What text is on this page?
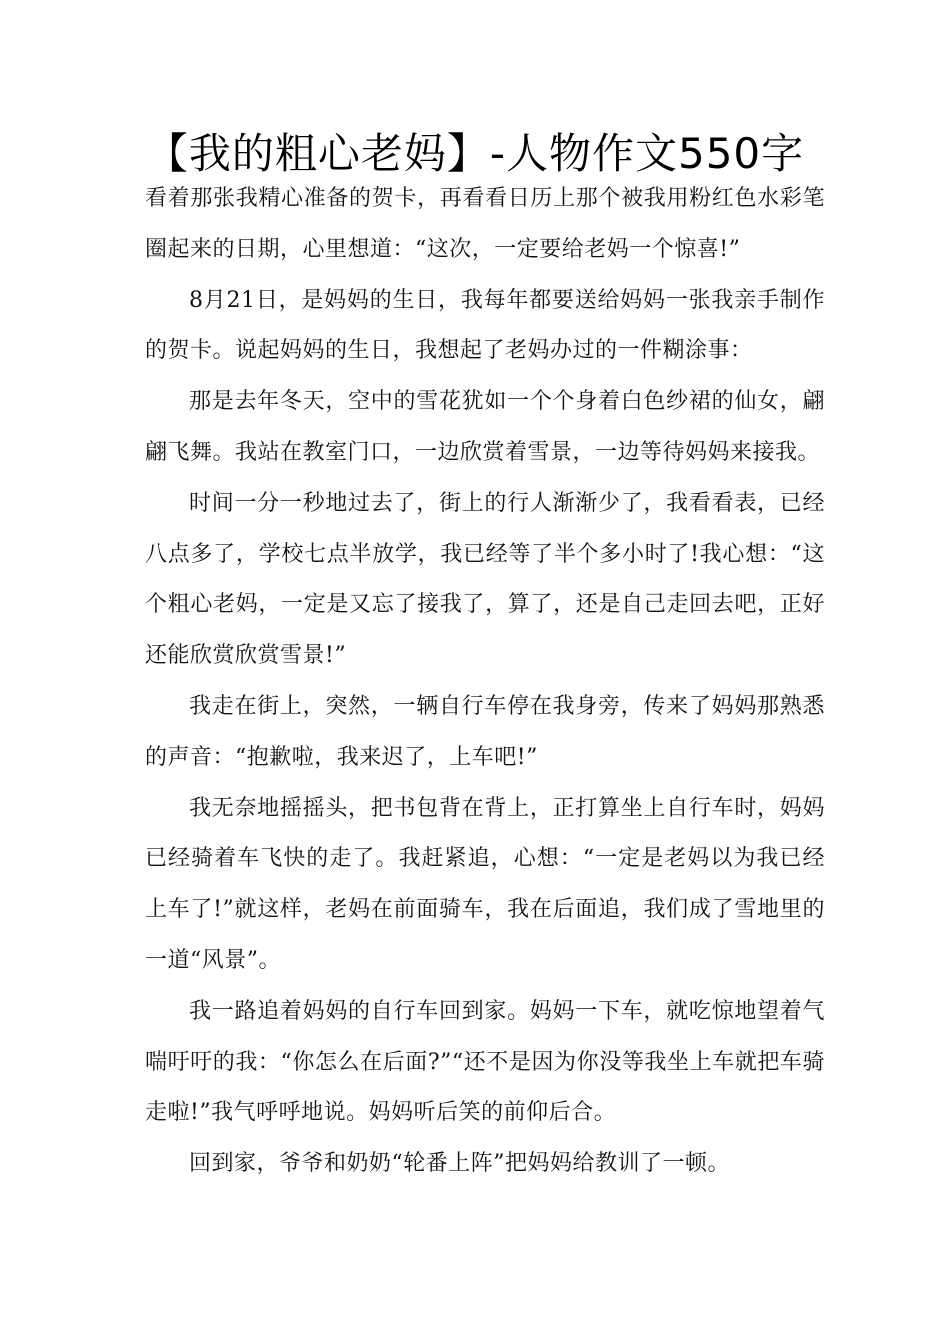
【我的粗心老妈】-人物作文550字

看着那张我精心准备的贺卡，再看看日历上那个被我用粉红色水彩笔圈起来的日期，心里想道：“这次，一定要给老妈一个惊喜!”

8月21日，是妈妈的生日，我每年都要送给妈妈一张我亲手制作的贺卡。说起妈妈的生日，我想起了老妈办过的一件糊涂事：

那是去年冬天，空中的雪花犹如一个个身着白色纱裙的仙女，翩翩飞舞。我站在教室门口，一边欣赏着雪景，一边等待妈妈来接我。

时间一分一秒地过去了，街上的行人渐渐少了，我看看表，已经八点多了，学校七点半放学，我已经等了半个多小时了!我心想：“这个粗心老妈，一定是又忘了接我了，算了，还是自己走回去吧，正好还能欣赏欣赏雪景!”

我走在街上，突然，一辆自行车停在我身旁，传来了妈妈那熟悉的声音：“抱歉啦，我来迟了，上车吧!”

我无奈地摇摇头，把书包背在背上，正打算坐上自行车时，妈妈已经骑着车飞快的走了。我赶紧追，心想：“一定是老妈以为我已经上车了!”就这样，老妈在前面骑车，我在后面追，我们成了雪地里的一道“风景”。

我一路追着妈妈的自行车回到家。妈妈一下车，就吃惊地望着气喘吁吁的我：“你怎么在后面?”“还不是因为你没等我坐上车就把车骑走啦!”我气呼呼地说。妈妈听后笑的前仰后合。

回到家，爷爷和奶奶“轮番上阵”把妈妈给教训了一顿。
